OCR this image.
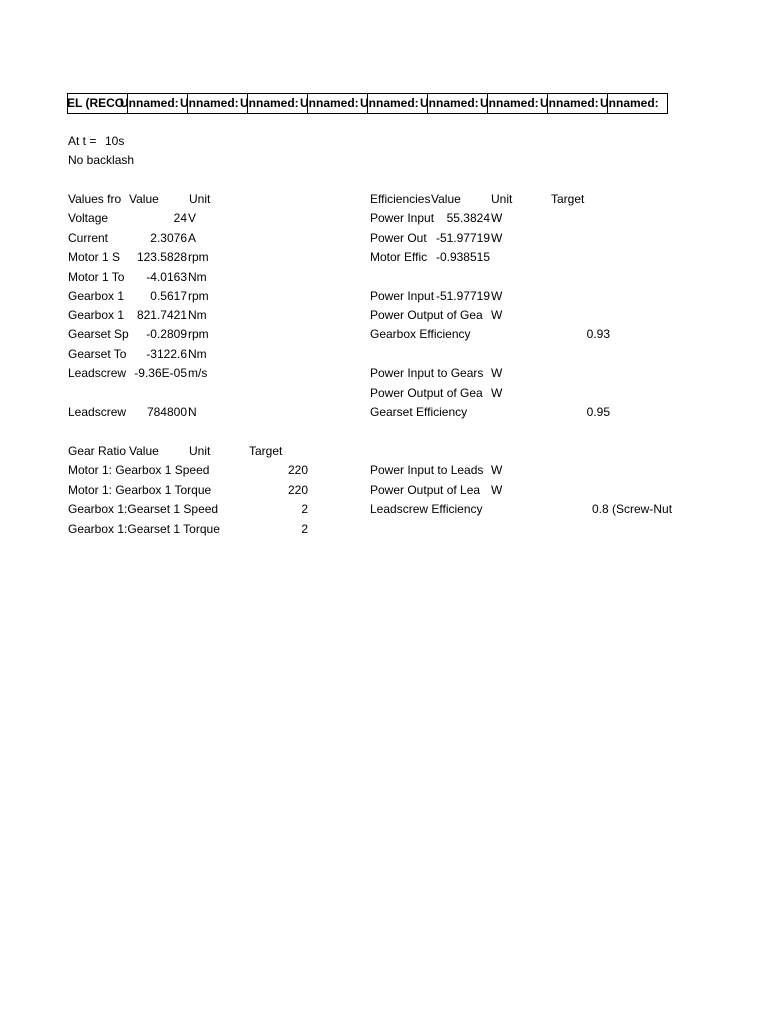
EL (RECO
Unnamed: Unnamed: Unnamed: Unnamed: Unnamed: Unnamed: Unnamed: Unnamed: Unnamed:
At t = 10s
No backlash
Values fro Value	Unit
Voltage	24 V
Current	2.3076 A
Motor 1 S	123.5828 rpm
Motor 1 To	-4.0163 Nm
Gearbox 1	0.5617 rpm
Gearbox 1	821.7421 Nm
Gearset Sp	-0.2809 rpm
Gearset To	-3122.6 Nm
Leadscrew -9.36E-05 m/s
Leadscrew	784800 N
Efficiencies Value	Unit	Target
Power Input	55.3824 W
Power Out -51.97719 W
Motor Effic -0.938515
Power Input -51.97719 W
Power Output of Gea W
Gearbox Efficiency	0.93
Power Input to Gears W
Power Output of Gea W
Gearset Efficiency	0.95
Power Input to Leads W
Power Output of Lea W
Leadscrew Efficiency	0.8 (Screw-Nut
Gear Ratio Value	Unit	Target
Motor 1: Gearbox 1 Speed	220
Motor 1: Gearbox 1 Torque	220
Gearbox 1:Gearset 1 Speed	2
Gearbox 1:Gearset 1 Torque	2
